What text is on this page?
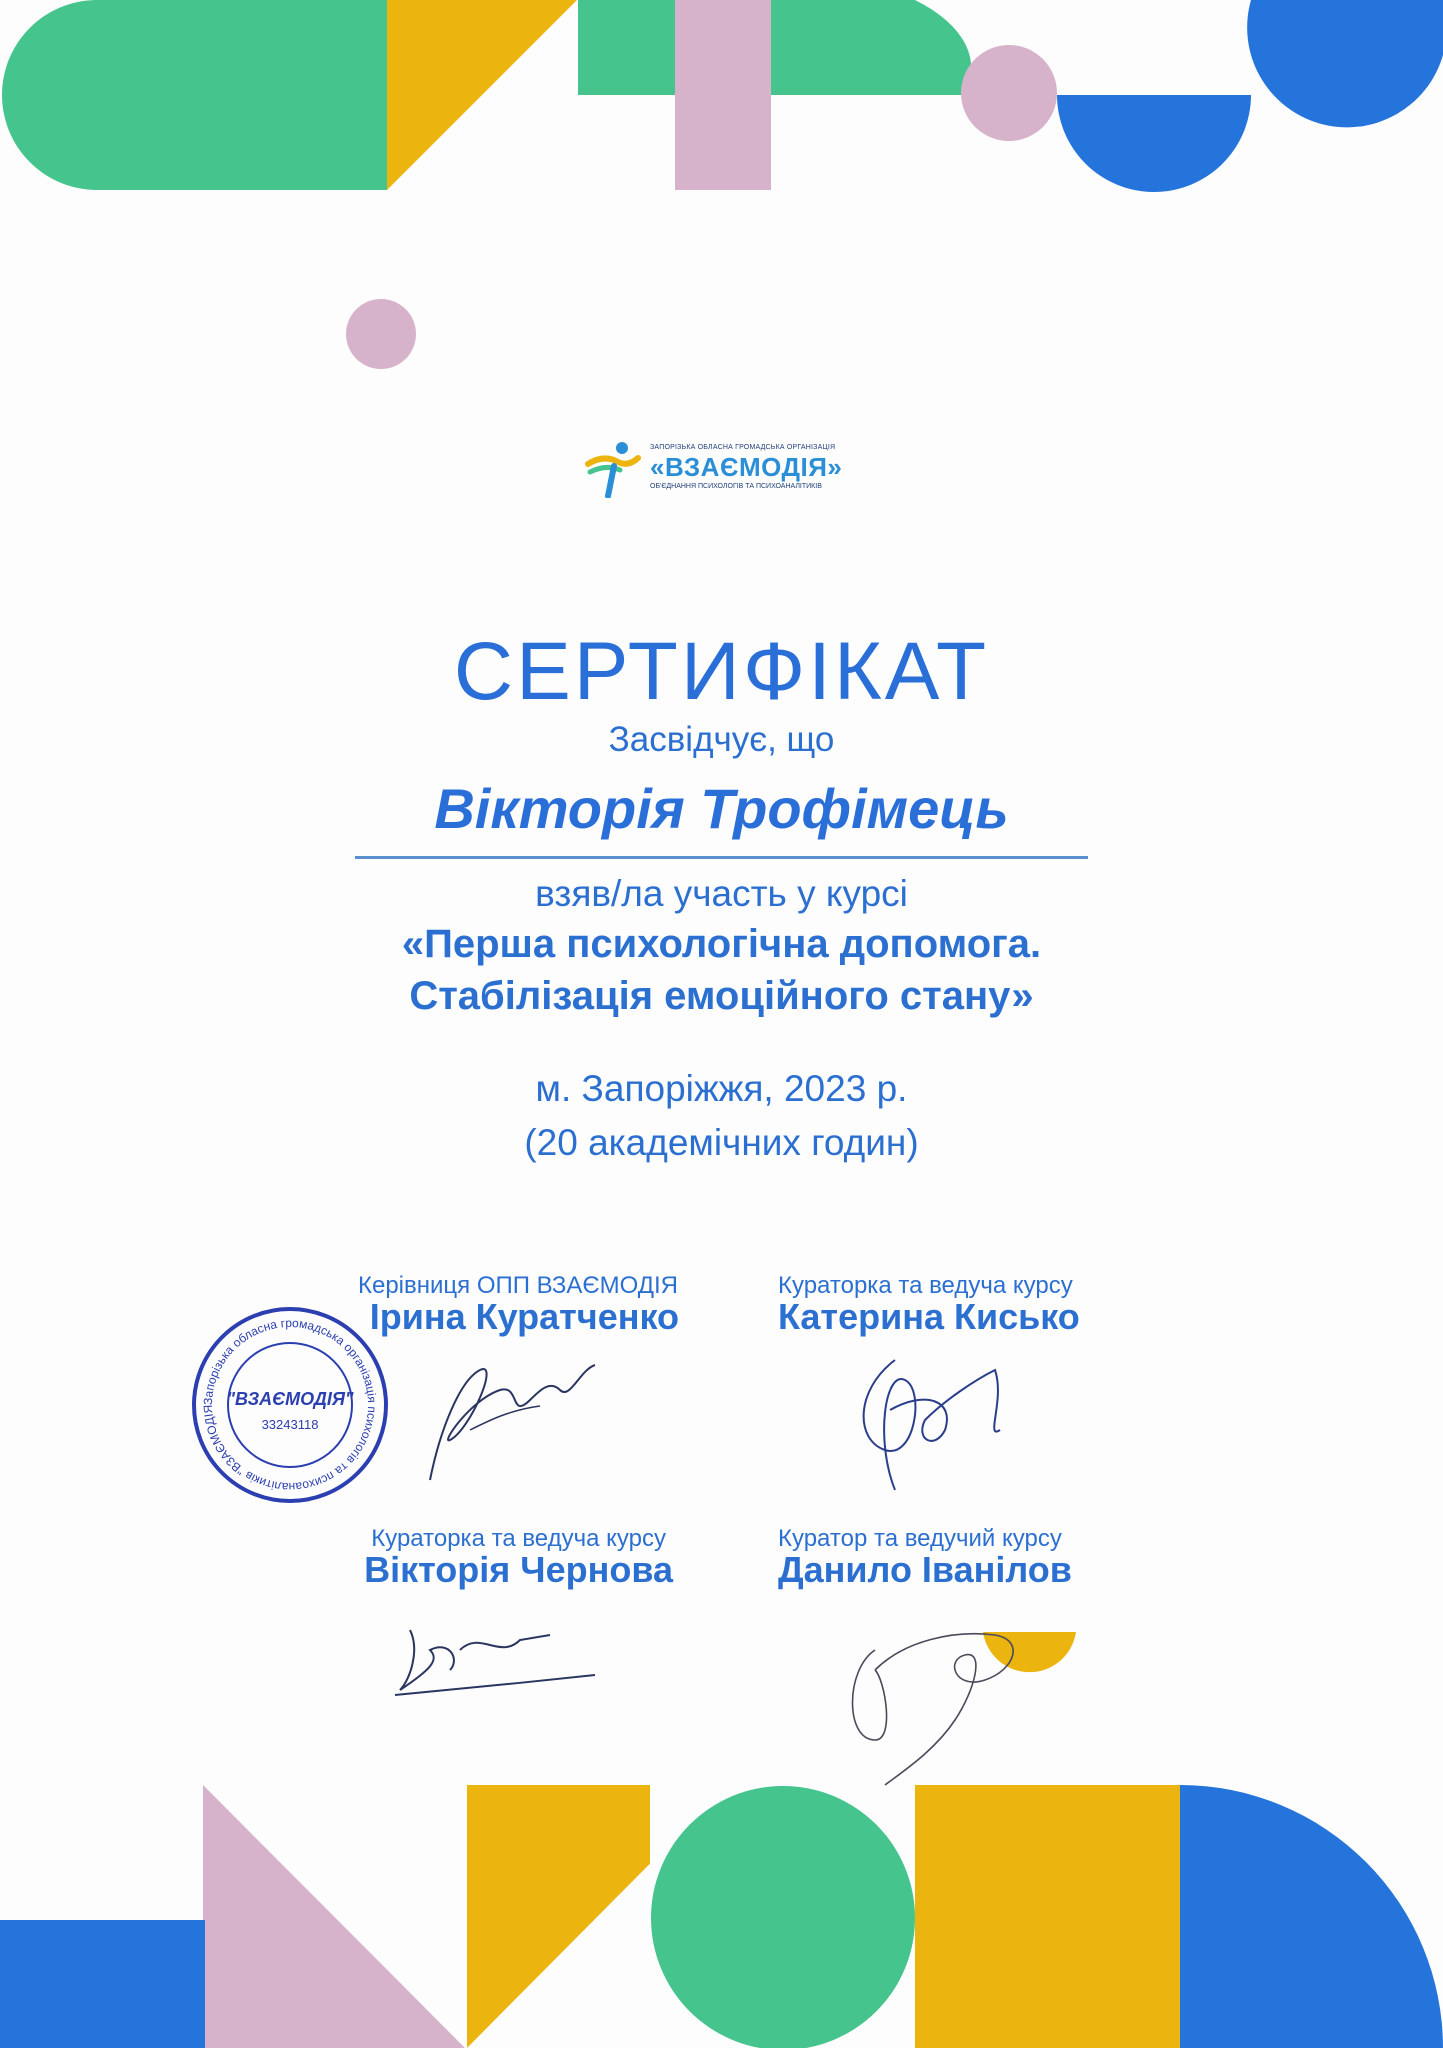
ЗАПОРІЗЬКА ОБЛАСНА ГРОМАДСЬКА ОРГАНІЗАЦІЯ
«ВЗАЄМОДІЯ»
ОБ'ЄДНАННЯ ПСИХОЛОГІВ ТА ПСИХОАНАЛІТИКІВ
СЕРТИФІКАТ
Засвідчує, що
Вікторія Трофімець
взяв/ла участь у курсі
«Перша психологічна допомога.
Стабілізація емоційного стану»
м. Запоріжжя, 2023 р.
(20 академічних годин)
Запорізька обласна громадська організація психологів та психоаналітиків "ВЗАЄМОДІЯ
"ВЗАЄМОДІЯ"
33243118
Керівниця ОПП ВЗАЄМОДІЯ
Ірина Куратченко
Кураторка та ведуча курсу
Катерина Кисько
Кураторка та ведуча курсу
Вікторія Чернова
Куратор та ведучий курсу
Данило Іванілов
